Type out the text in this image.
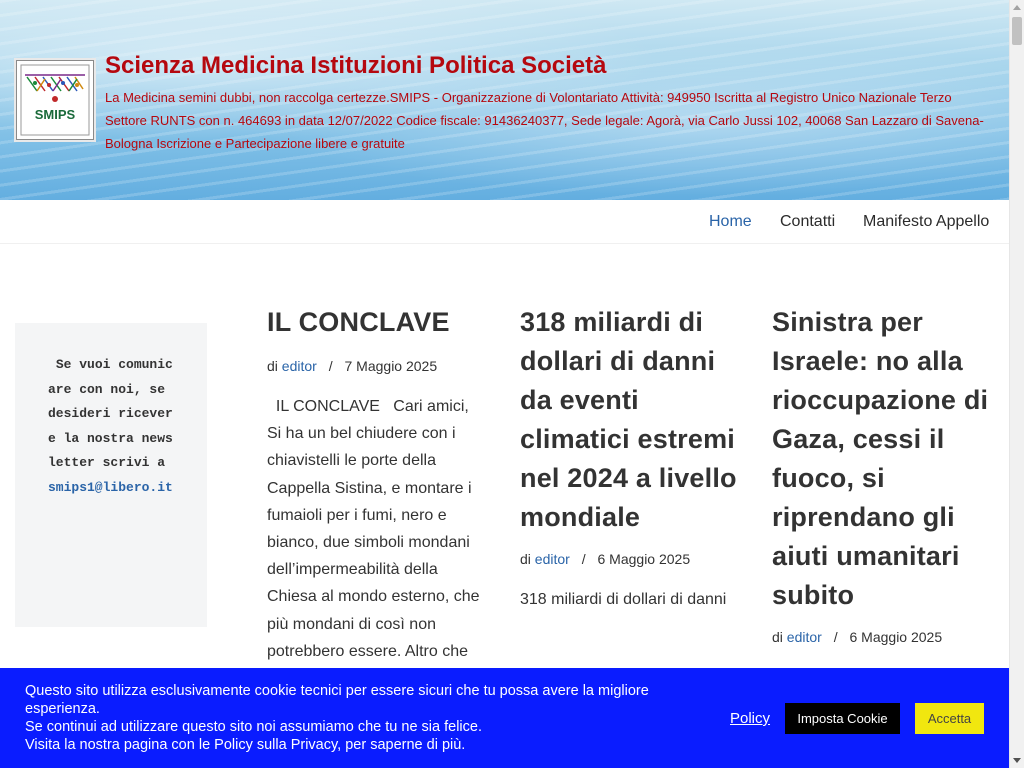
SMIPS
Scienza Medicina Istituzioni Politica Società

La Medicina semini dubbi, non raccolga certezze.SMIPS - Organizzazione di Volontariato Attività: 949950 Iscritta al Registro Unico Nazionale Terzo Settore RUNTS con n. 464693 in data 12/07/2022 Codice fiscale: 91436240377, Sede legale: Agorà, via Carlo Jussi 102, 40068 San Lazzaro di Savena- Bologna Iscrizione e Partecipazione libere e gratuite

Home Contatti Manifesto Appello
Se vuoi comunicare con noi, se desideri ricevere la nostra newsletter scrivi a smips1@libero.it
IL CONCLAVE
di editor / 7 Maggio 2025
IL CONCLAVE   Cari amici, Si ha un bel chiudere con i chiavistelli le porte della Cappella Sistina, e montare i fumaioli per i fumi, nero e bianco, due simboli mondani dell’impermeabilità della Chiesa al mondo esterno, che più mondani di così non potrebbero essere. Altro che
318 miliardi di dollari di danni da eventi climatici estremi nel 2024 a livello mondiale
di editor / 6 Maggio 2025
318 miliardi di dollari di danni
Sinistra per Israele: no alla rioccupazione di Gaza, cessi il fuoco, si riprendano gli aiuti umanitari subito
di editor / 6 Maggio 2025
Questo sito utilizza esclusivamente cookie tecnici per essere sicuri che tu possa avere la migliore esperienza.
Se continui ad utilizzare questo sito noi assumiamo che tu ne sia felice.
Visita la nostra pagina con le Policy sulla Privacy, per saperne di più.
Policy	Imposta Cookie	Accetta
